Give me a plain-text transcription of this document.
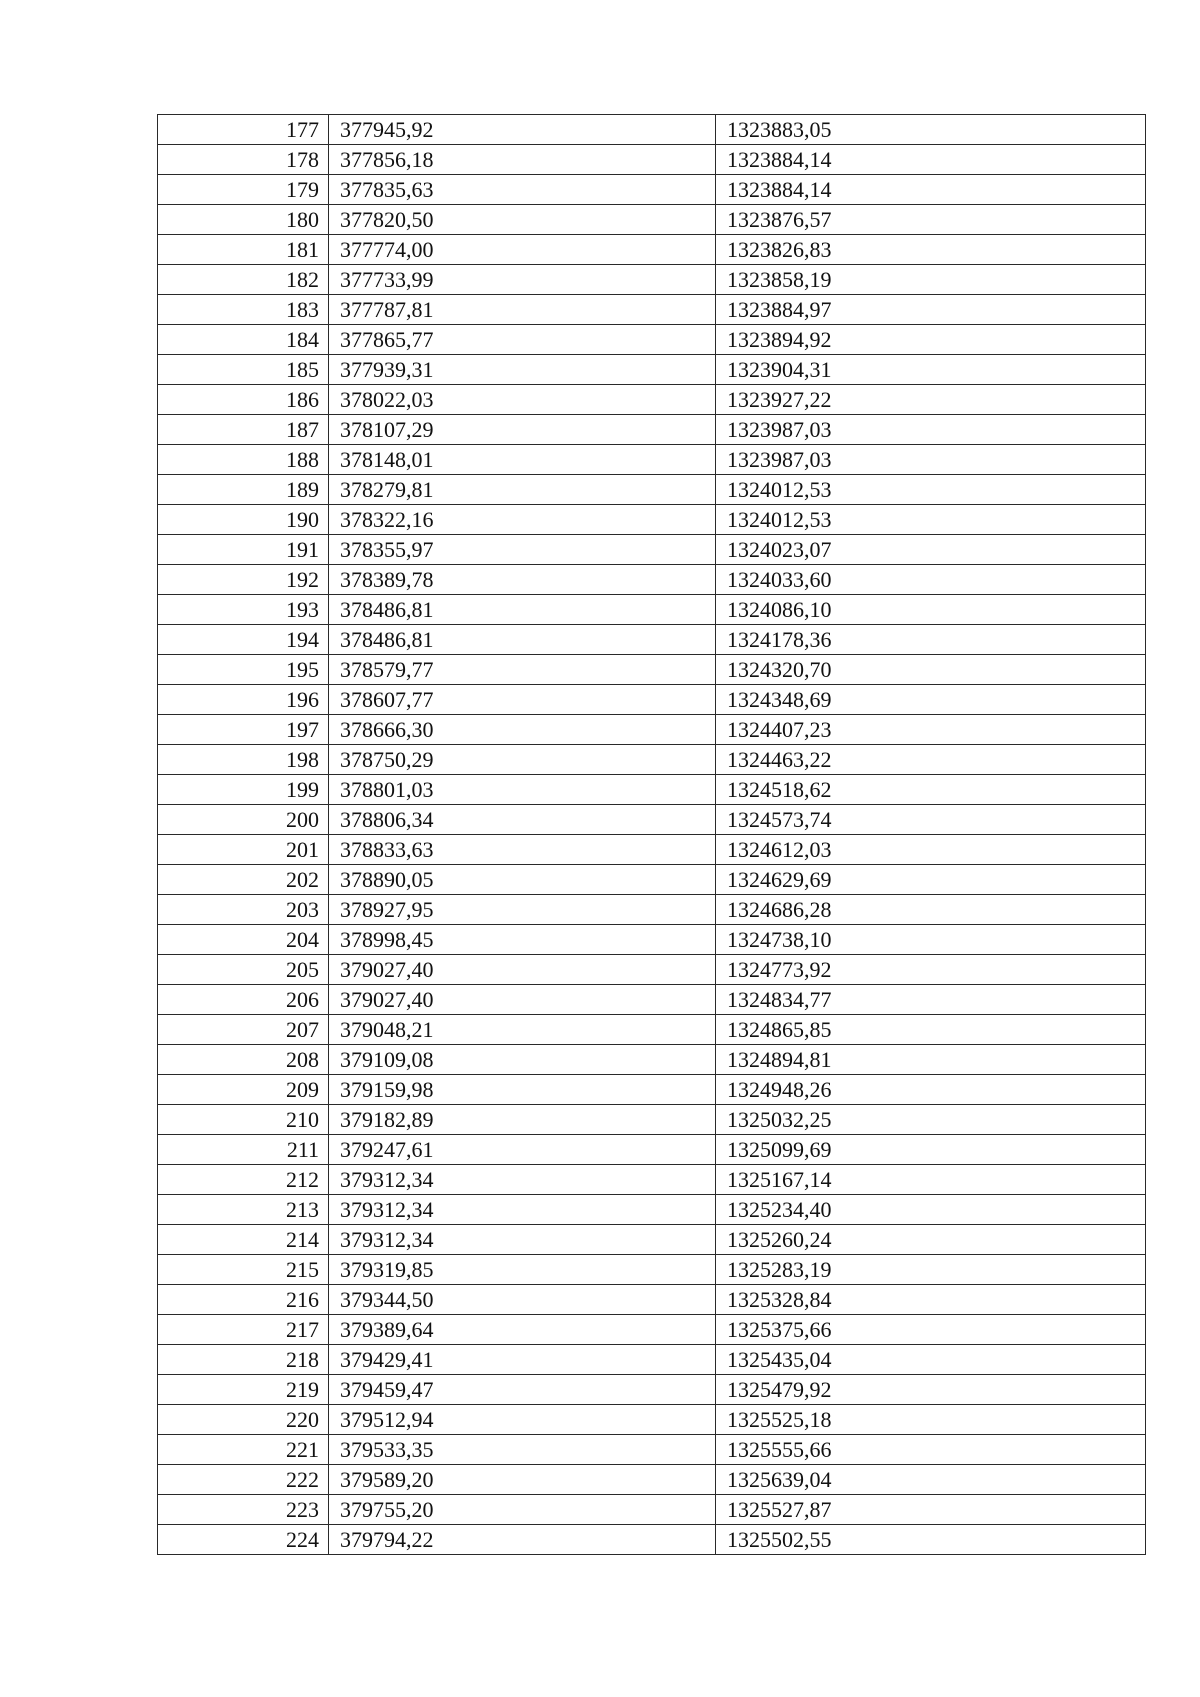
177	377945,92	1323883,05
178	377856,18	1323884,14
179	377835,63	1323884,14
180	377820,50	1323876,57
181	377774,00	1323826,83
182	377733,99	1323858,19
183	377787,81	1323884,97
184	377865,77	1323894,92
185	377939,31	1323904,31
186	378022,03	1323927,22
187	378107,29	1323987,03
188	378148,01	1323987,03
189	378279,81	1324012,53
190	378322,16	1324012,53
191	378355,97	1324023,07
192	378389,78	1324033,60
193	378486,81	1324086,10
194	378486,81	1324178,36
195	378579,77	1324320,70
196	378607,77	1324348,69
197	378666,30	1324407,23
198	378750,29	1324463,22
199	378801,03	1324518,62
200	378806,34	1324573,74
201	378833,63	1324612,03
202	378890,05	1324629,69
203	378927,95	1324686,28
204	378998,45	1324738,10
205	379027,40	1324773,92
206	379027,40	1324834,77
207	379048,21	1324865,85
208	379109,08	1324894,81
209	379159,98	1324948,26
210	379182,89	1325032,25
211	379247,61	1325099,69
212	379312,34	1325167,14
213	379312,34	1325234,40
214	379312,34	1325260,24
215	379319,85	1325283,19
216	379344,50	1325328,84
217	379389,64	1325375,66
218	379429,41	1325435,04
219	379459,47	1325479,92
220	379512,94	1325525,18
221	379533,35	1325555,66
222	379589,20	1325639,04
223	379755,20	1325527,87
224	379794,22	1325502,55
